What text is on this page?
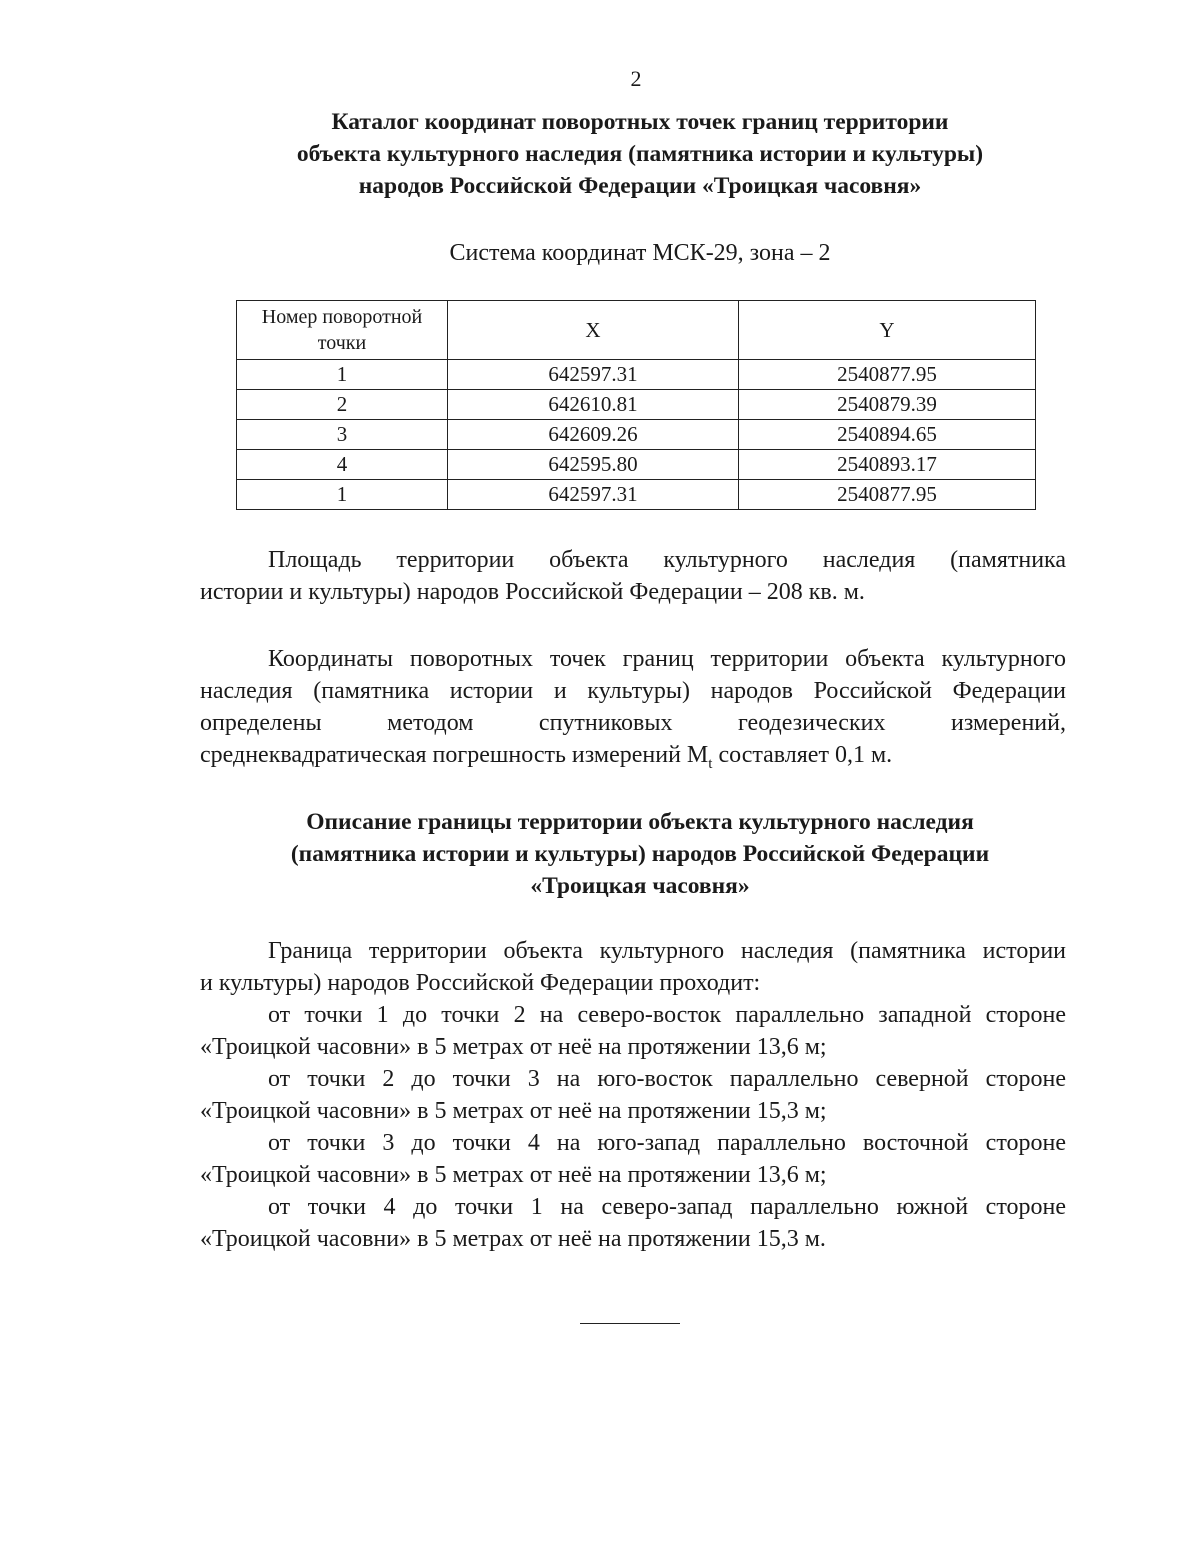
2
Каталог координат поворотных точек границ территории
объекта культурного наследия (памятника истории и культуры)
народов Российской Федерации «Троицкая часовня»
Система координат МСК-29, зона – 2
Номер поворотной
точки	X	Y
1	642597.31	2540877.95
2	642610.81	2540879.39
3	642609.26	2540894.65
4	642595.80	2540893.17
1	642597.31	2540877.95
Площадь территории объекта культурного наследия (памятника
истории и культуры) народов Российской Федерации – 208 кв. м.
Координаты поворотных точек границ территории объекта культурного
наследия (памятника истории и культуры) народов Российской Федерации
определены методом спутниковых геодезических измерений,
среднеквадратическая погрешность измерений $M_t$ составляет 0,1 м.
Описание границы территории объекта культурного наследия
(памятника истории и культуры) народов Российской Федерации
«Троицкая часовня»
Граница территории объекта культурного наследия (памятника истории
и культуры) народов Российской Федерации проходит:
от точки 1 до точки 2 на северо-восток параллельно западной стороне
«Троицкой часовни» в 5 метрах от неё на протяжении 13,6 м;
от точки 2 до точки 3 на юго-восток параллельно северной стороне
«Троицкой часовни» в 5 метрах от неё на протяжении 15,3 м;
от точки 3 до точки 4 на юго-запад параллельно восточной стороне
«Троицкой часовни» в 5 метрах от неё на протяжении 13,6 м;
от точки 4 до точки 1 на северо-запад параллельно южной стороне
«Троицкой часовни» в 5 метрах от неё на протяжении 15,3 м.
